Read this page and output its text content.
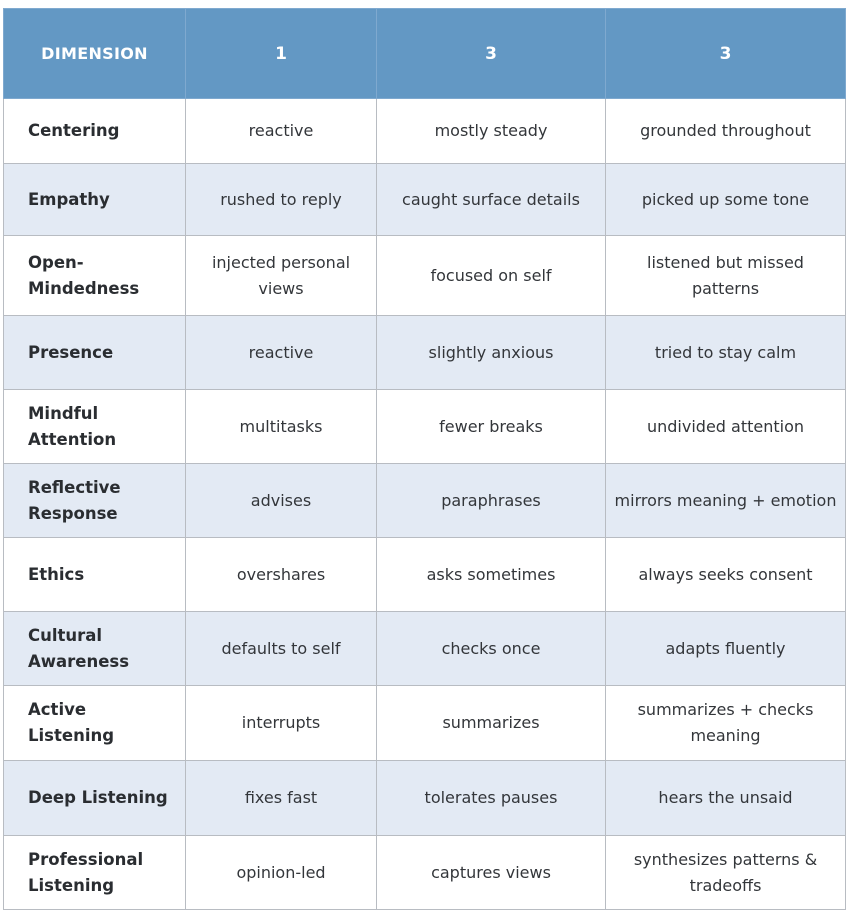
DIMENSION	1	3	3
Centering	reactive	mostly steady	grounded throughout
Empathy	rushed to reply	caught surface details	picked up some tone
Open-Mindedness	injected personal views	focused on self	listened but missed patterns
Presence	reactive	slightly anxious	tried to stay calm
Mindful Attention	multitasks	fewer breaks	undivided attention
Reflective Response	advises	paraphrases	mirrors meaning + emotion
Ethics	overshares	asks sometimes	always seeks consent
Cultural Awareness	defaults to self	checks once	adapts fluently
Active Listening	interrupts	summarizes	summarizes + checks meaning
Deep Listening	fixes fast	tolerates pauses	hears the unsaid
Professional Listening	opinion-led	captures views	synthesizes patterns & tradeoffs
